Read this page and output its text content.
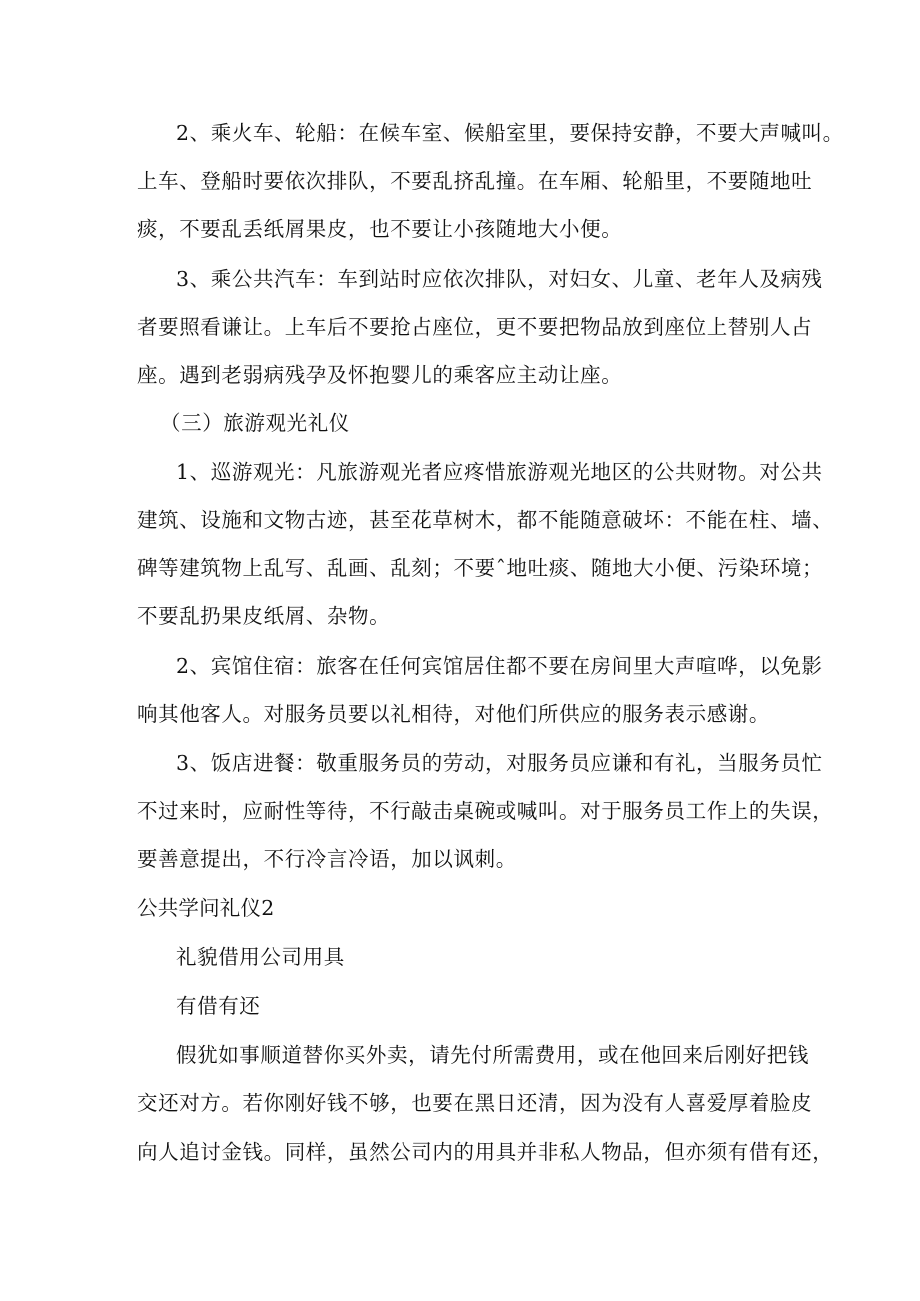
2、乘火车、轮船：在候车室、候船室里，要保持安静，不要大声喊叫。
上车、登船时要依次排队，不要乱挤乱撞。在车厢、轮船里，不要随地吐
痰，不要乱丢纸屑果皮，也不要让小孩随地大小便。
3、乘公共汽车：车到站时应依次排队，对妇女、儿童、老年人及病残
者要照看谦让。上车后不要抢占座位，更不要把物品放到座位上替别人占
座。遇到老弱病残孕及怀抱婴儿的乘客应主动让座。
（三）旅游观光礼仪
1、巡游观光：凡旅游观光者应疼惜旅游观光地区的公共财物。对公共
建筑、设施和文物古迹，甚至花草树木，都不能随意破坏：不能在柱、墙、
碑等建筑物上乱写、乱画、乱刻；不要ˆ地吐痰、随地大小便、污染环境；
不要乱扔果皮纸屑、杂物。
2、宾馆住宿：旅客在任何宾馆居住都不要在房间里大声喧哗，以免影
响其他客人。对服务员要以礼相待，对他们所供应的服务表示感谢。
3、饭店进餐：敬重服务员的劳动，对服务员应谦和有礼，当服务员忙
不过来时，应耐性等待，不行敲击桌碗或喊叫。对于服务员工作上的失误，
要善意提出，不行冷言冷语，加以讽刺。
公共学问礼仪2
礼貌借用公司用具
有借有还
假犹如事顺道替你买外卖，请先付所需费用，或在他回来后刚好把钱
交还对方。若你刚好钱不够，也要在黑日还清，因为没有人喜爱厚着脸皮
向人追讨金钱。同样，虽然公司内的用具并非私人物品，但亦须有借有还，
